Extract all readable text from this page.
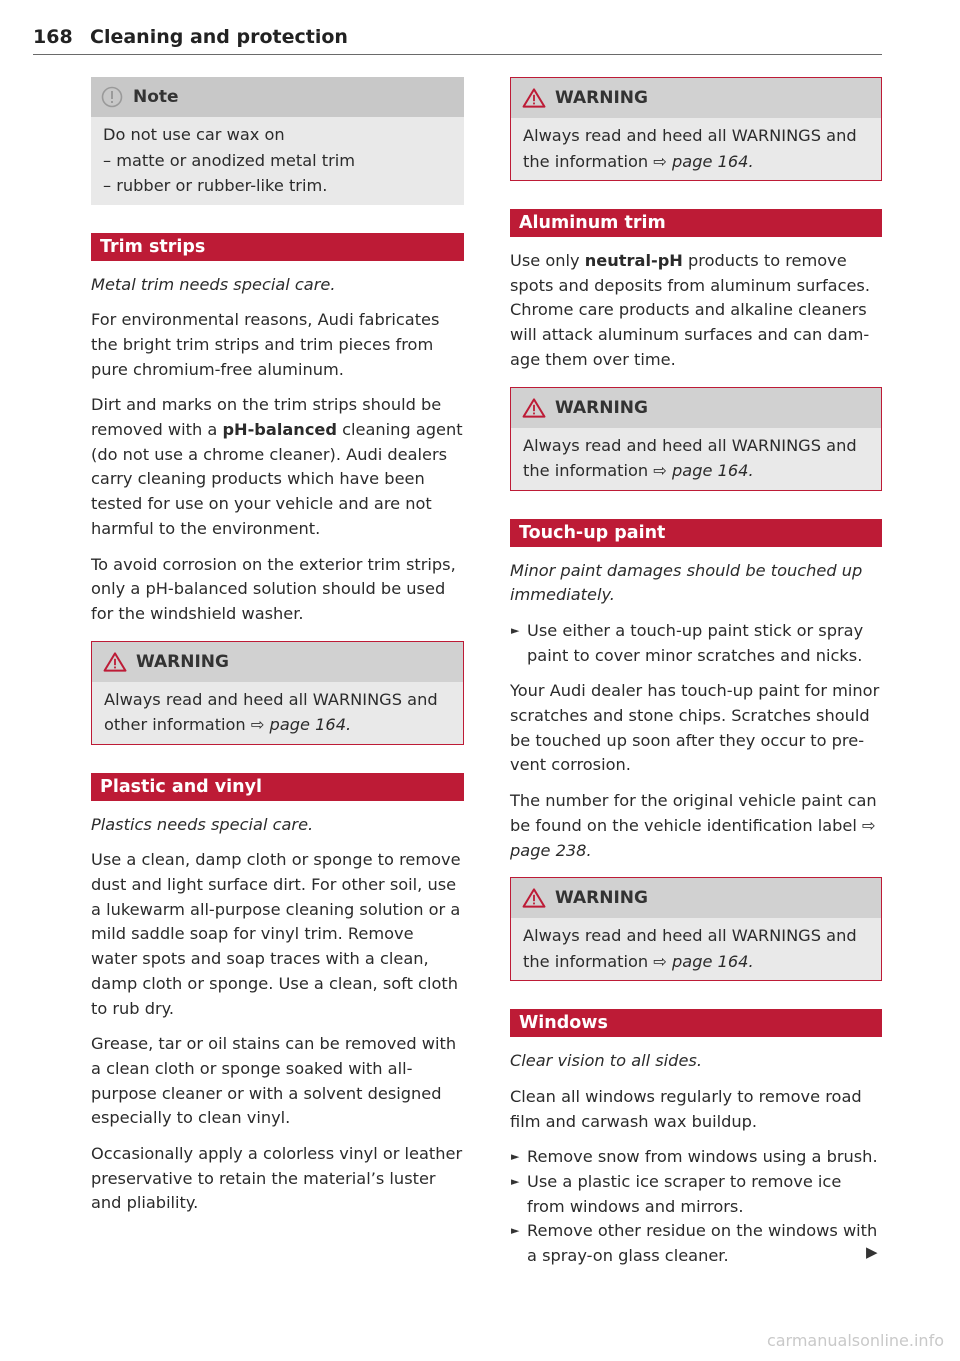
168 Cleaning and protection
Note

Do not use car wax on

– matte or anodized metal trim

– rubber or rubber-like trim.

Trim strips

Metal trim needs special care.

For environmental reasons, Audi fabricates the bright trim strips and trim pieces from pure chromium-free aluminum.

Dirt and marks on the trim strips should be removed with a pH-balanced cleaning agent (do not use a chrome cleaner). Audi dealers carry cleaning products which have been tested for use on your vehicle and are not harmful to the environment.

To avoid corrosion on the exterior trim strips, only a pH-balanced solution should be used for the windshield washer.

WARNING

Always read and heed all WARNINGS and other information ⇨ page 164.

Plastic and vinyl

Plastics needs special care.

Use a clean, damp cloth or sponge to remove dust and light surface dirt. For other soil, use a lukewarm all-purpose cleaning solution or a mild saddle soap for vinyl trim. Remove water spots and soap traces with a clean, damp cloth or sponge. Use a clean, soft cloth to rub dry.

Grease, tar or oil stains can be removed with a clean cloth or sponge soaked with all-purpose cleaner or with a solvent designed especially to clean vinyl.

Occasionally apply a colorless vinyl or leather preservative to retain the material’s luster and pliability.

WARNING

Always read and heed all WARNINGS and the information ⇨ page 164.

Aluminum trim

Use only neutral-pH products to remove spots and deposits from aluminum surfaces. Chrome care products and alkaline cleaners will attack aluminum surfaces and can damage them over time.

WARNING

Always read and heed all WARNINGS and the information ⇨ page 164.

Touch-up paint

Minor paint damages should be touched up immediately.

► Use either a touch-up paint stick or spray paint to cover minor scratches and nicks.

Your Audi dealer has touch-up paint for minor scratches and stone chips. Scratches should be touched up soon after they occur to prevent corrosion.

The number for the original vehicle paint can be found on the vehicle identification label ⇨ page 238.

WARNING

Always read and heed all WARNINGS and the information ⇨ page 164.

Windows

Clear vision to all sides.

Clean all windows regularly to remove road film and carwash wax buildup.

► Remove snow from windows using a brush.
► Use a plastic ice scraper to remove ice from windows and mirrors.
► Remove other residue on the windows with a spray-on glass cleaner.	▶
carmanualsonline.info
